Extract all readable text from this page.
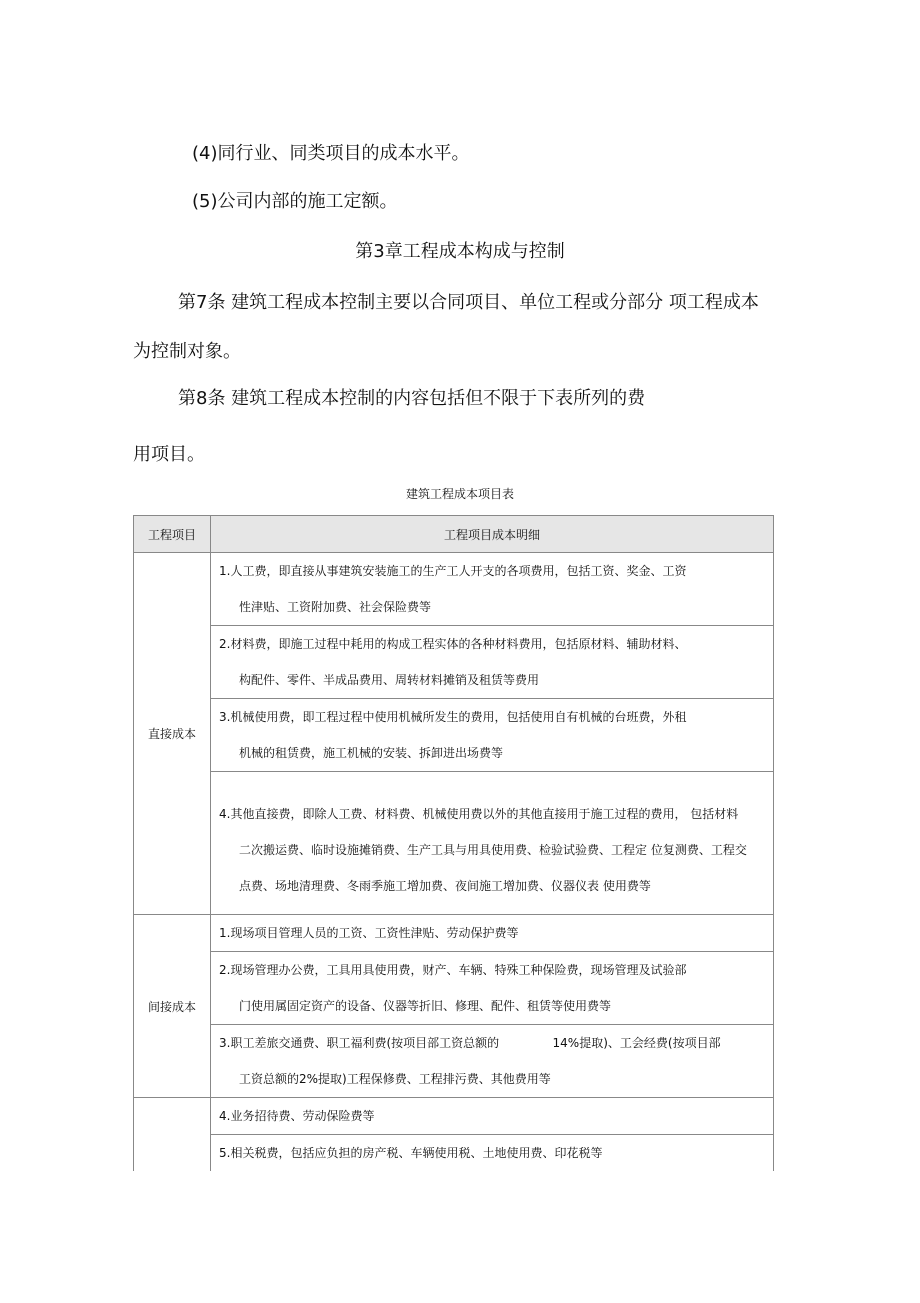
(4)同行业、同类项目的成本水平。
(5)公司内部的施工定额。
第3章工程成本构成与控制
第7条 建筑工程成本控制主要以合同项目、单位工程或分部分 项工程成本
为控制对象。
第8条 建筑工程成本控制的内容包括但不限于下表所列的费
用项目。
建筑工程成本项目表
工程项目	工程项目成本明细
直接成本	1.人工费，即直接从事建筑安装施工的生产工人开支的各项费用，包括工资、奖金、工资
性津贴、工资附加费、社会保险费等

	2.材料费，即施工过程中耗用的构成工程实体的各种材料费用，包括原材料、辅助材料、
构配件、零件、半成品费用、周转材料摊销及租赁等费用

	3.机械使用费，即工程过程中使用机械所发生的费用，包括使用自有机械的台班费，外租
机械的租赁费，施工机械的安装、拆卸进出场费等

	4.其他直接费，即除人工费、材料费、机械使用费以外的其他直接用于施工过程的费用， 包括材料
二次搬运费、临时设施摊销费、生产工具与用具使用费、检验试验费、工程定 位复测费、工程交
点费、场地清理费、冬雨季施工增加费、夜间施工增加费、仪器仪表 使用费等

间接成本	1.现场项目管理人员的工资、工资性津贴、劳动保护费等

	2.现场管理办公费，工具用具使用费，财产、车辆、特殊工种保险费，现场管理及试验部
门使用属固定资产的设备、仪器等折旧、修理、配件、租赁等使用费等

	3.职工差旅交通费、职工福利费(按项目部工资总额的              14%提取)、工会经费(按项目部
工资总额的2%提取)工程保修费、工程排污费、其他费用等

	4.业务招待费、劳动保险费等

	5.相关税费，包括应负担的房产税、车辆使用税、土地使用费、印花税等
